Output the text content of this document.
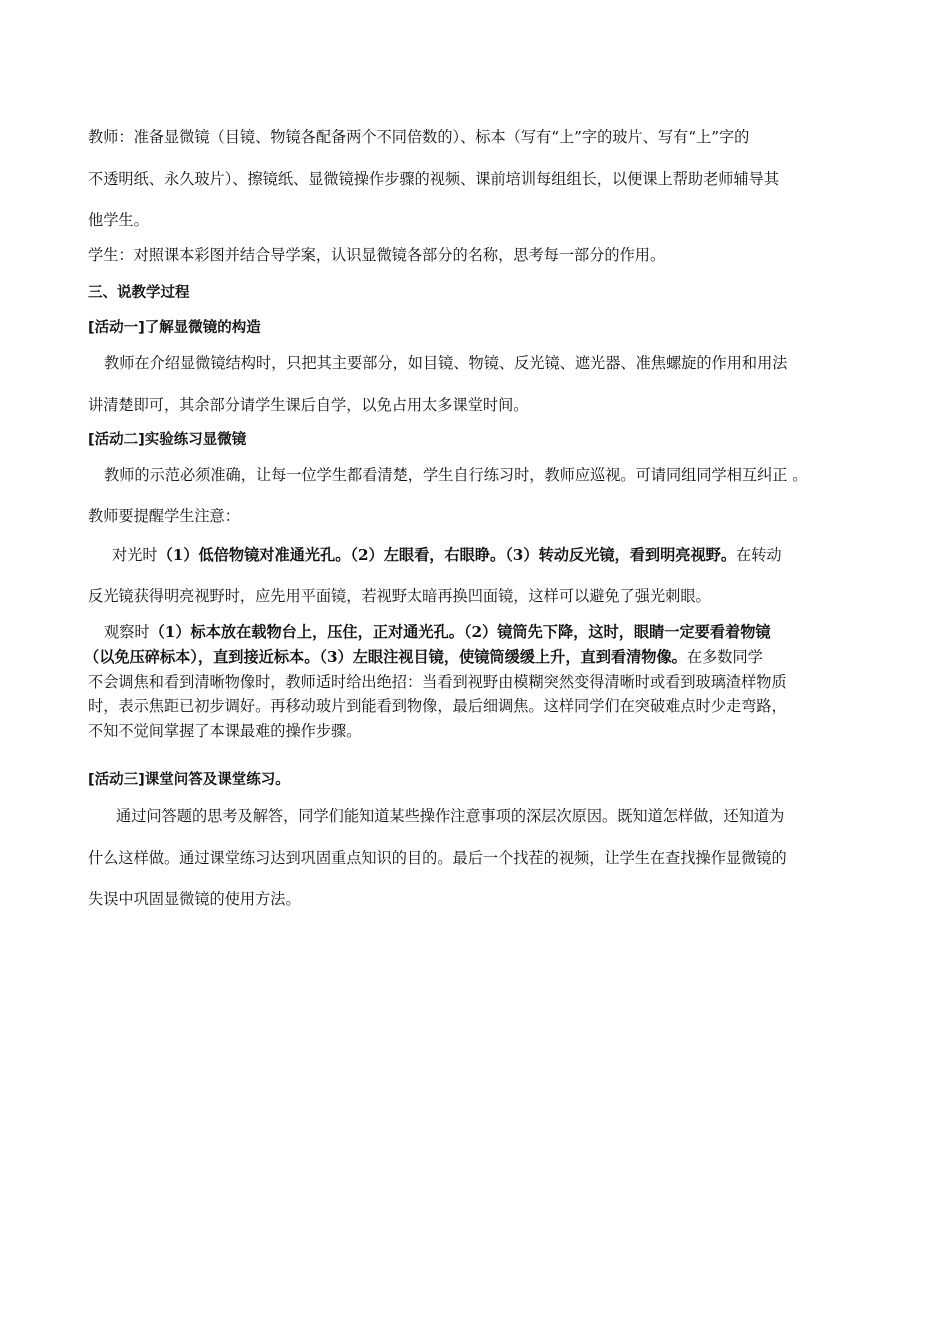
教师：准备显微镜（目镜、物镜各配备两个不同倍数的）、标本（写有“上”字的玻片、写有“上”字的
不透明纸、永久玻片）、擦镜纸、显微镜操作步骤的视频、课前培训每组组长，以便课上帮助老师辅导其
他学生。
学生：对照课本彩图并结合导学案，认识显微镜各部分的名称，思考每一部分的作用。
三、说教学过程
[活动一]了解显微镜的构造
教师在介绍显微镜结构时，只把其主要部分，如目镜、物镜、反光镜、遮光器、准焦螺旋的作用和用法
讲清楚即可，其余部分请学生课后自学，以免占用太多课堂时间。
[活动二]实验练习显微镜
教师的示范必须准确，让每一位学生都看清楚，学生自行练习时，教师应巡视。可请同组同学相互纠正 。
教师要提醒学生注意：
对光时（1）低倍物镜对准通光孔。（2）左眼看，右眼睁。（3）转动反光镜，看到明亮视野。在转动
反光镜获得明亮视野时，应先用平面镜，若视野太暗再换凹面镜，这样可以避免了强光刺眼。
观察时（1）标本放在载物台上，压住，正对通光孔。（2）镜筒先下降，这时，眼睛一定要看着物镜
（以免压碎标本），直到接近标本。（3）左眼注视目镜，使镜筒缓缓上升，直到看清物像。在多数同学
不会调焦和看到清晰物像时，教师适时给出绝招：当看到视野由模糊突然变得清晰时或看到玻璃渣样物质
时，表示焦距已初步调好。再移动玻片到能看到物像，最后细调焦。这样同学们在突破难点时少走弯路，
不知不觉间掌握了本课最难的操作步骤。
[活动三]课堂问答及课堂练习。
通过问答题的思考及解答，同学们能知道某些操作注意事项的深层次原因。既知道怎样做，还知道为
什么这样做。通过课堂练习达到巩固重点知识的目的。最后一个找茬的视频，让学生在查找操作显微镜的
失误中巩固显微镜的使用方法。
